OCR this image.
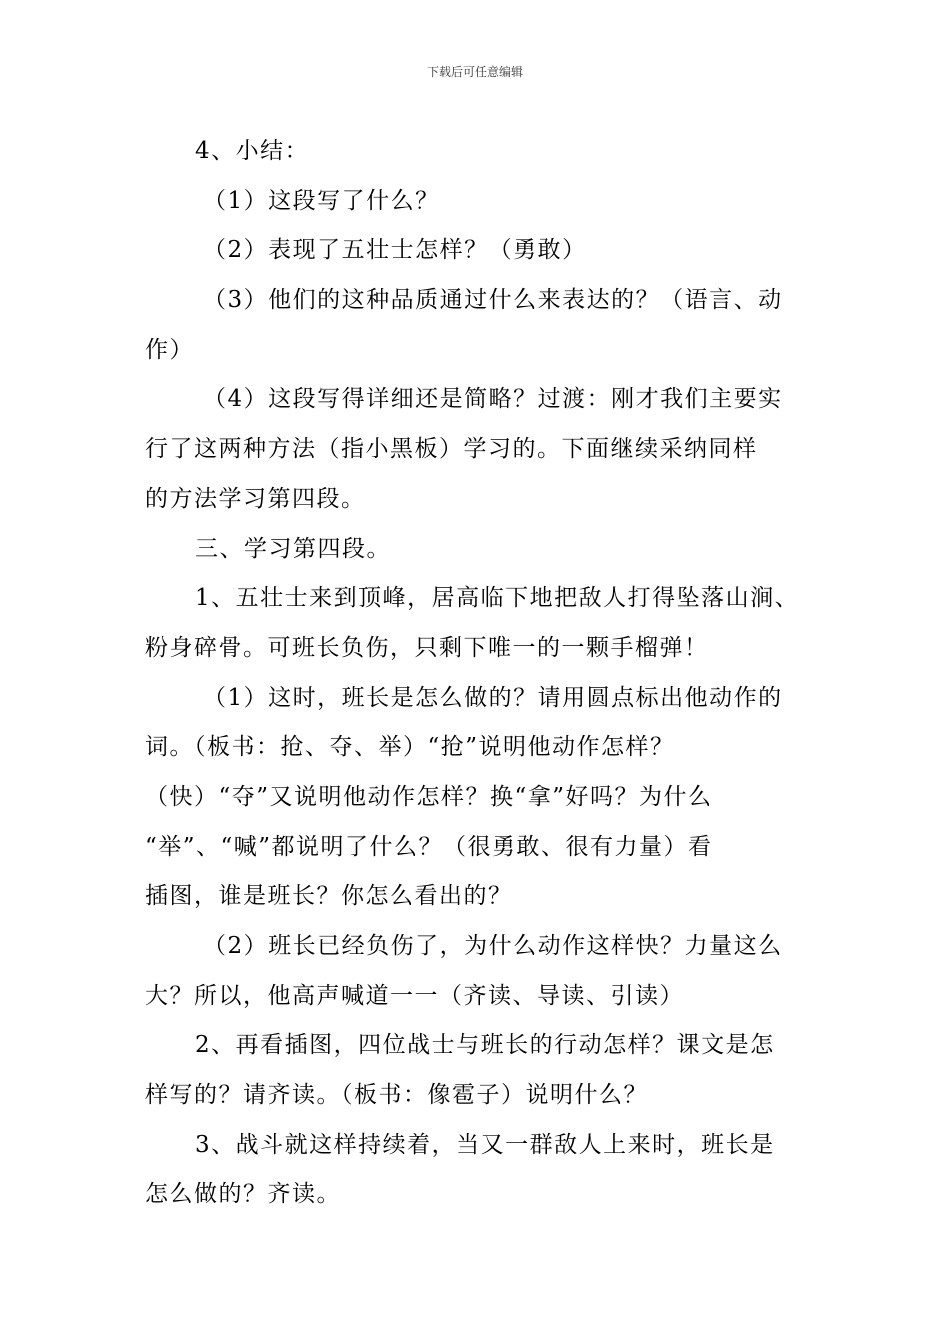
下载后可任意编辑
4、小结：
（1）这段写了什么？
（2）表现了五壮士怎样？（勇敢）
（3）他们的这种品质通过什么来表达的？（语言、动
作）
（4）这段写得详细还是简略？过渡：刚才我们主要实
行了这两种方法（指小黑板）学习的。下面继续采纳同样
的方法学习第四段。
三、学习第四段。
1、五壮士来到顶峰，居高临下地把敌人打得坠落山涧、
粉身碎骨。可班长负伤，只剩下唯一的一颗手榴弹！
（1）这时，班长是怎么做的？请用圆点标出他动作的
词。（板书：抢、夺、举）“抢”说明他动作怎样？
（快）“夺”又说明他动作怎样？换“拿”好吗？为什么
“举”、“喊”都说明了什么？（很勇敢、很有力量）看
插图，谁是班长？你怎么看出的？
（2）班长已经负伤了，为什么动作这样快？力量这么
大？所以，他高声喊道一一（齐读、导读、引读）
2、再看插图，四位战士与班长的行动怎样？课文是怎
样写的？请齐读。（板书：像雹子）说明什么？
3、战斗就这样持续着，当又一群敌人上来时，班长是
怎么做的？齐读。
